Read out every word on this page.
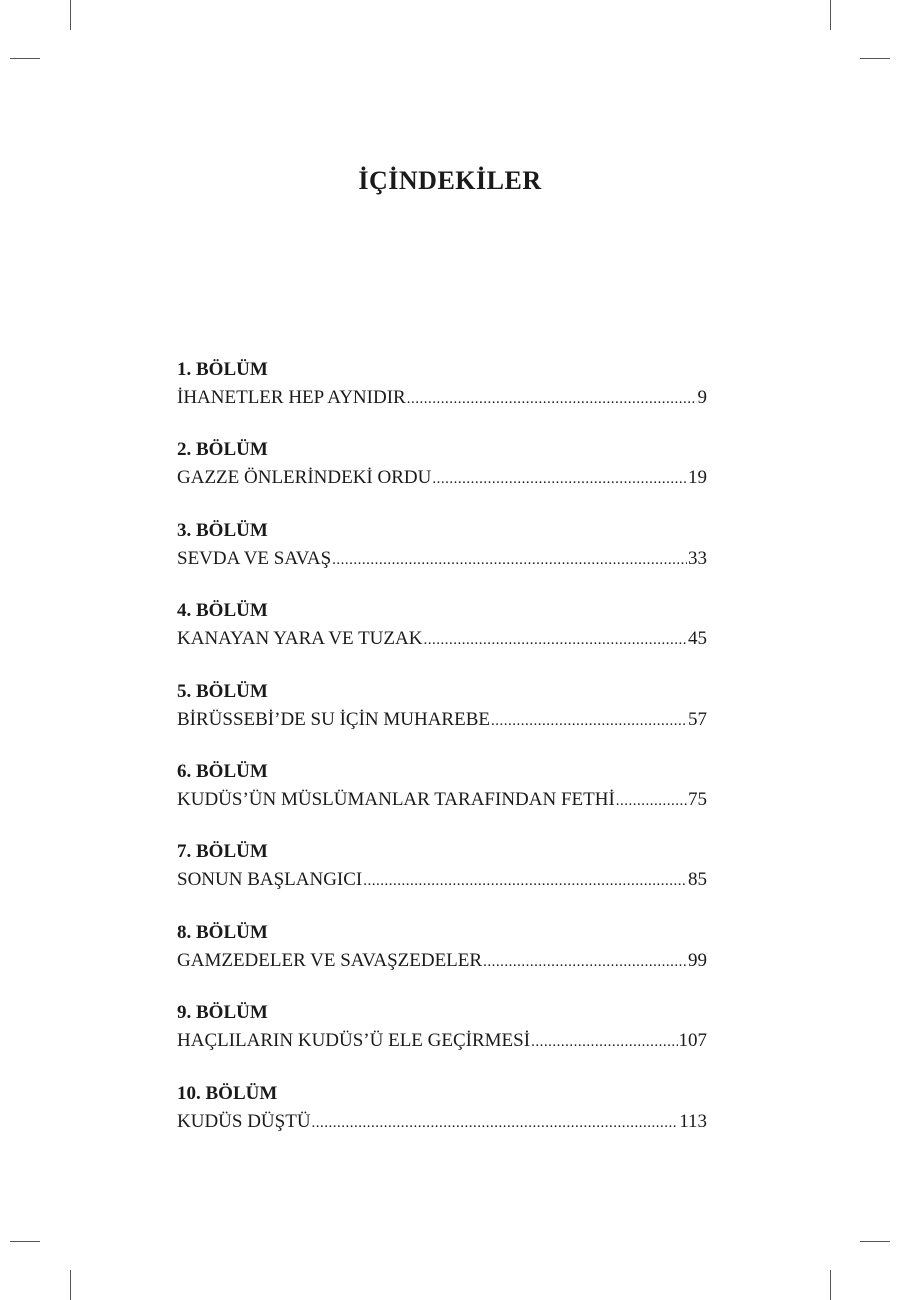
İÇİNDEKİLER
1. BÖLÜM
İHANETLER HEP AYNIDIR .....	9
2. BÖLÜM
GAZZE ÖNLERİNDEKİ ORDU .....	19
3. BÖLÜM
SEVDA VE SAVAŞ .....	33
4. BÖLÜM
KANAYAN YARA VE TUZAK .....	45
5. BÖLÜM
BİRÜSSEBİ’DE SU İÇİN MUHAREBE .....	57
6. BÖLÜM
KUDÜS’ÜN MÜSLÜMANLAR TARAFINDAN FETHİ .....	75
7. BÖLÜM
SONUN BAŞLANGICI .....	85
8. BÖLÜM
GAMZEDELER VE SAVAŞZEDELER .....	99
9. BÖLÜM
HAÇLILARIN KUDÜS’Ü ELE GEÇİRMESİ .....	107
10. BÖLÜM
KUDÜS DÜŞTÜ .....	113
